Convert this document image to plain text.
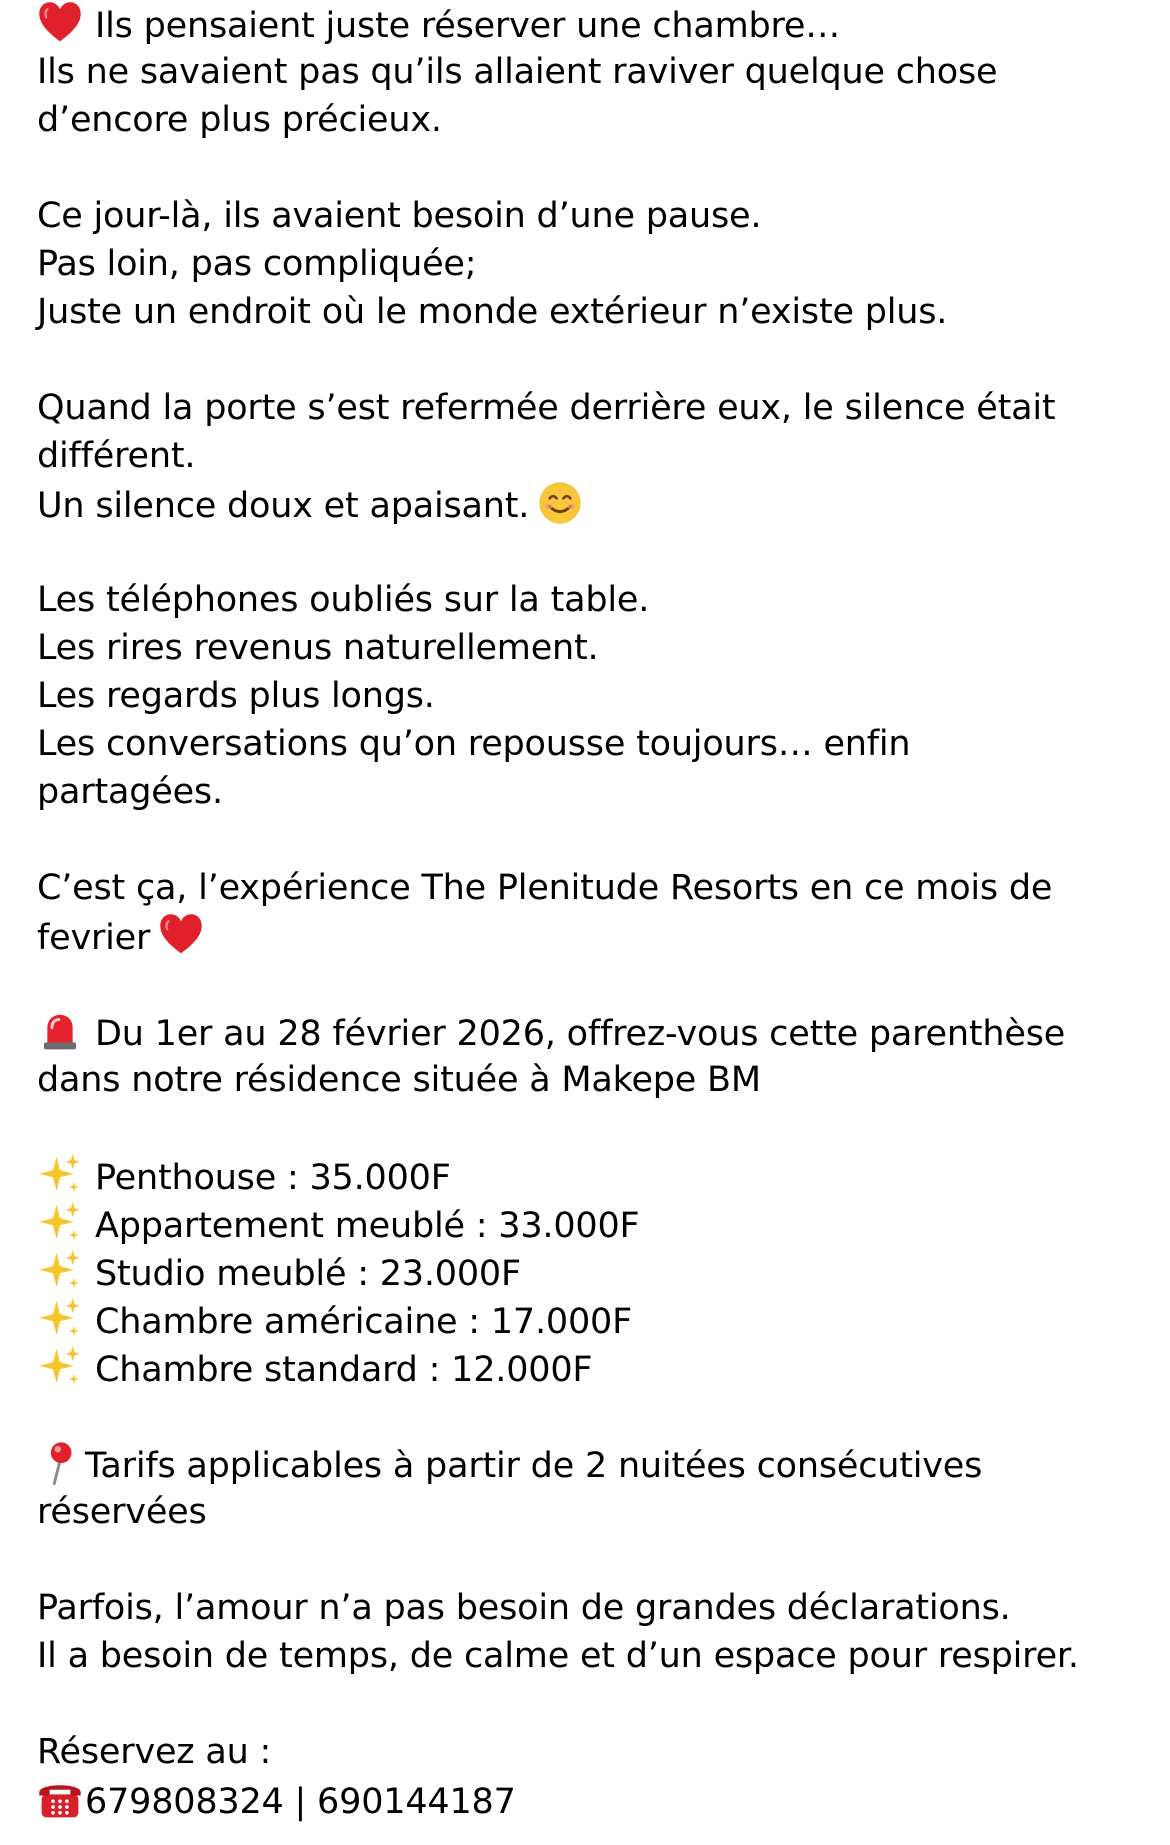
Ils pensaient juste réserver une chambre…
Ils ne savaient pas qu’ils allaient raviver quelque chose
d’encore plus précieux.
Ce jour-là, ils avaient besoin d’une pause.
Pas loin, pas compliquée;
Juste un endroit où le monde extérieur n’existe plus.
Quand la porte s’est refermée derrière eux, le silence était
différent.
Un silence doux et apaisant.
Les téléphones oubliés sur la table.
Les rires revenus naturellement.
Les regards plus longs.
Les conversations qu’on repousse toujours… enfin
partagées.
C’est ça, l’expérience The Plenitude Resorts en ce mois de
fevrier
Du 1er au 28 février 2026, offrez-vous cette parenthèse
dans notre résidence située à Makepe BM
Penthouse : 35.000F
Appartement meublé : 33.000F
Studio meublé : 23.000F
Chambre américaine : 17.000F
Chambre standard : 12.000F
Tarifs applicables à partir de 2 nuitées consécutives
réservées
Parfois, l’amour n’a pas besoin de grandes déclarations.
Il a besoin de temps, de calme et d’un espace pour respirer.
Réservez au :
679808324 | 690144187
